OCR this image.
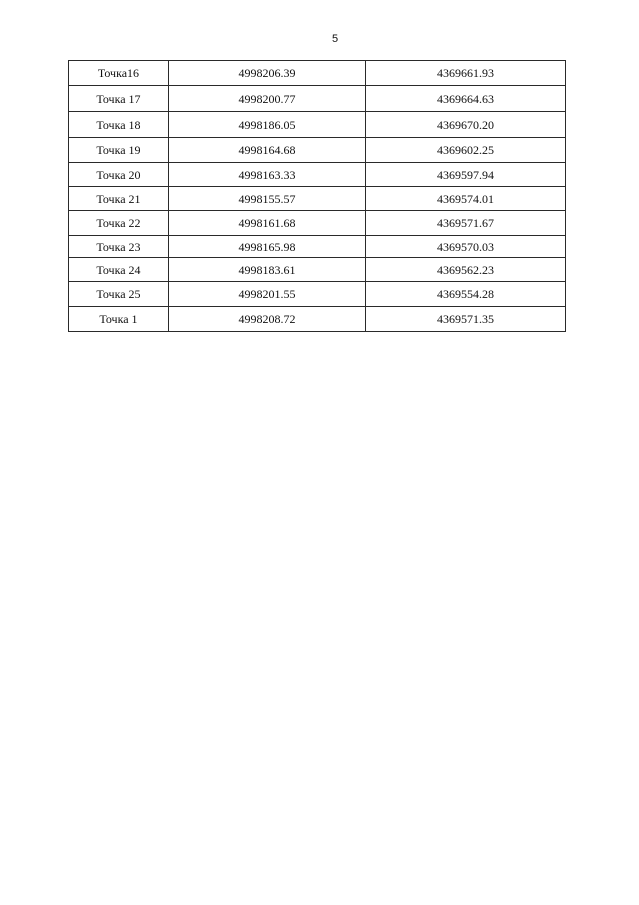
5
Точка16	4998206.39	4369661.93
Точка 17	4998200.77	4369664.63
Точка 18	4998186.05	4369670.20
Точка 19	4998164.68	4369602.25
Точка 20	4998163.33	4369597.94
Точка 21	4998155.57	4369574.01
Точка 22	4998161.68	4369571.67
Точка 23	4998165.98	4369570.03
Точка 24	4998183.61	4369562.23
Точка 25	4998201.55	4369554.28
Точка 1	4998208.72	4369571.35
